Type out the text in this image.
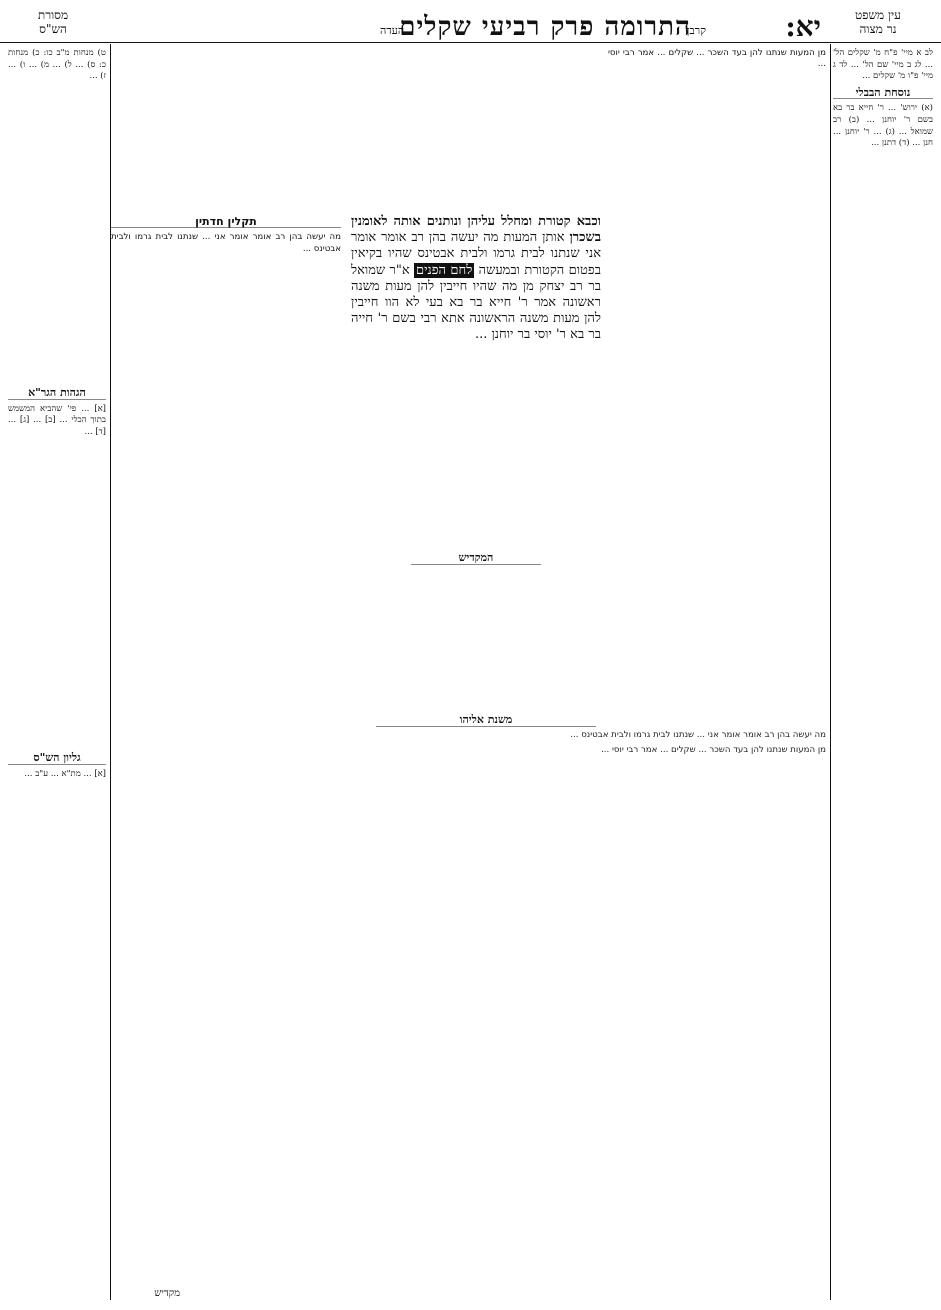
עין משפט
נר מצוה
יא:
קרבן
התרומה פרק רביעי שקלים
העדה
מסורת
הש"ס

לב א מיי' פ"ח מ' שקלים הל' ... לג ב מיי' שם הל' ... לד ג מיי' פ"ו מ' שקלים ...

נוסחת הבבלי

(א) ירוש' ... ר' חייא בר בא בשם ר' יוחנן ... (ב) רב שמואל ... (ג) ... ר' יוחנן ... חנן ... (ד) דתנן ...

מן המעות שנתנו להן בעד השכר ... שקלים ... אמר רבי יוסי ...

וכבא קטורת ומחלל עליהן ונותנים אותה לאומנין בשכרן אותן המעות מה יעשה בהן רב אומר אומר אני שנתנו לבית גרמו ולבית אבטינס שהיו בקיאין בפטום הקטורת ובמעשה לחם הפנים א"ר שמואל בר רב יצחק מן מה שהיו חייבין להן מעות משנה ראשונה אמר ר' חייא בר בא בעי לא הוו חייבין להן מעות משנה הראשונה אתא רבי בשם ר' חייה בר בא ר' יוסי בר יוחנן ...

תקלין חדתין

מה יעשה בהן רב אומר אומר אני ... שנתנו לבית גרמו ולבית אבטינס ...

ט) מנחות מ"ב כו: כ) מנחות כ: ס) ... ל) ... מ) ... ו) ... ז) ...

הגהות הגר"א

[א] ... פי' שהביא המשמש בתוך הכלי ... [ב] ... [ג] ... [ד] ...

גליון הש"ס

[א] ... מת"א ... ע"ב ...

המקדיש
משנת אליהו

מה יעשה בהן רב אומר אומר אני ... שנתנו לבית גרמו ולבית אבטינס ...

מן המעות שנתנו להן בעד השכר ... שקלים ... אמר רבי יוסי ...

מקדיש
